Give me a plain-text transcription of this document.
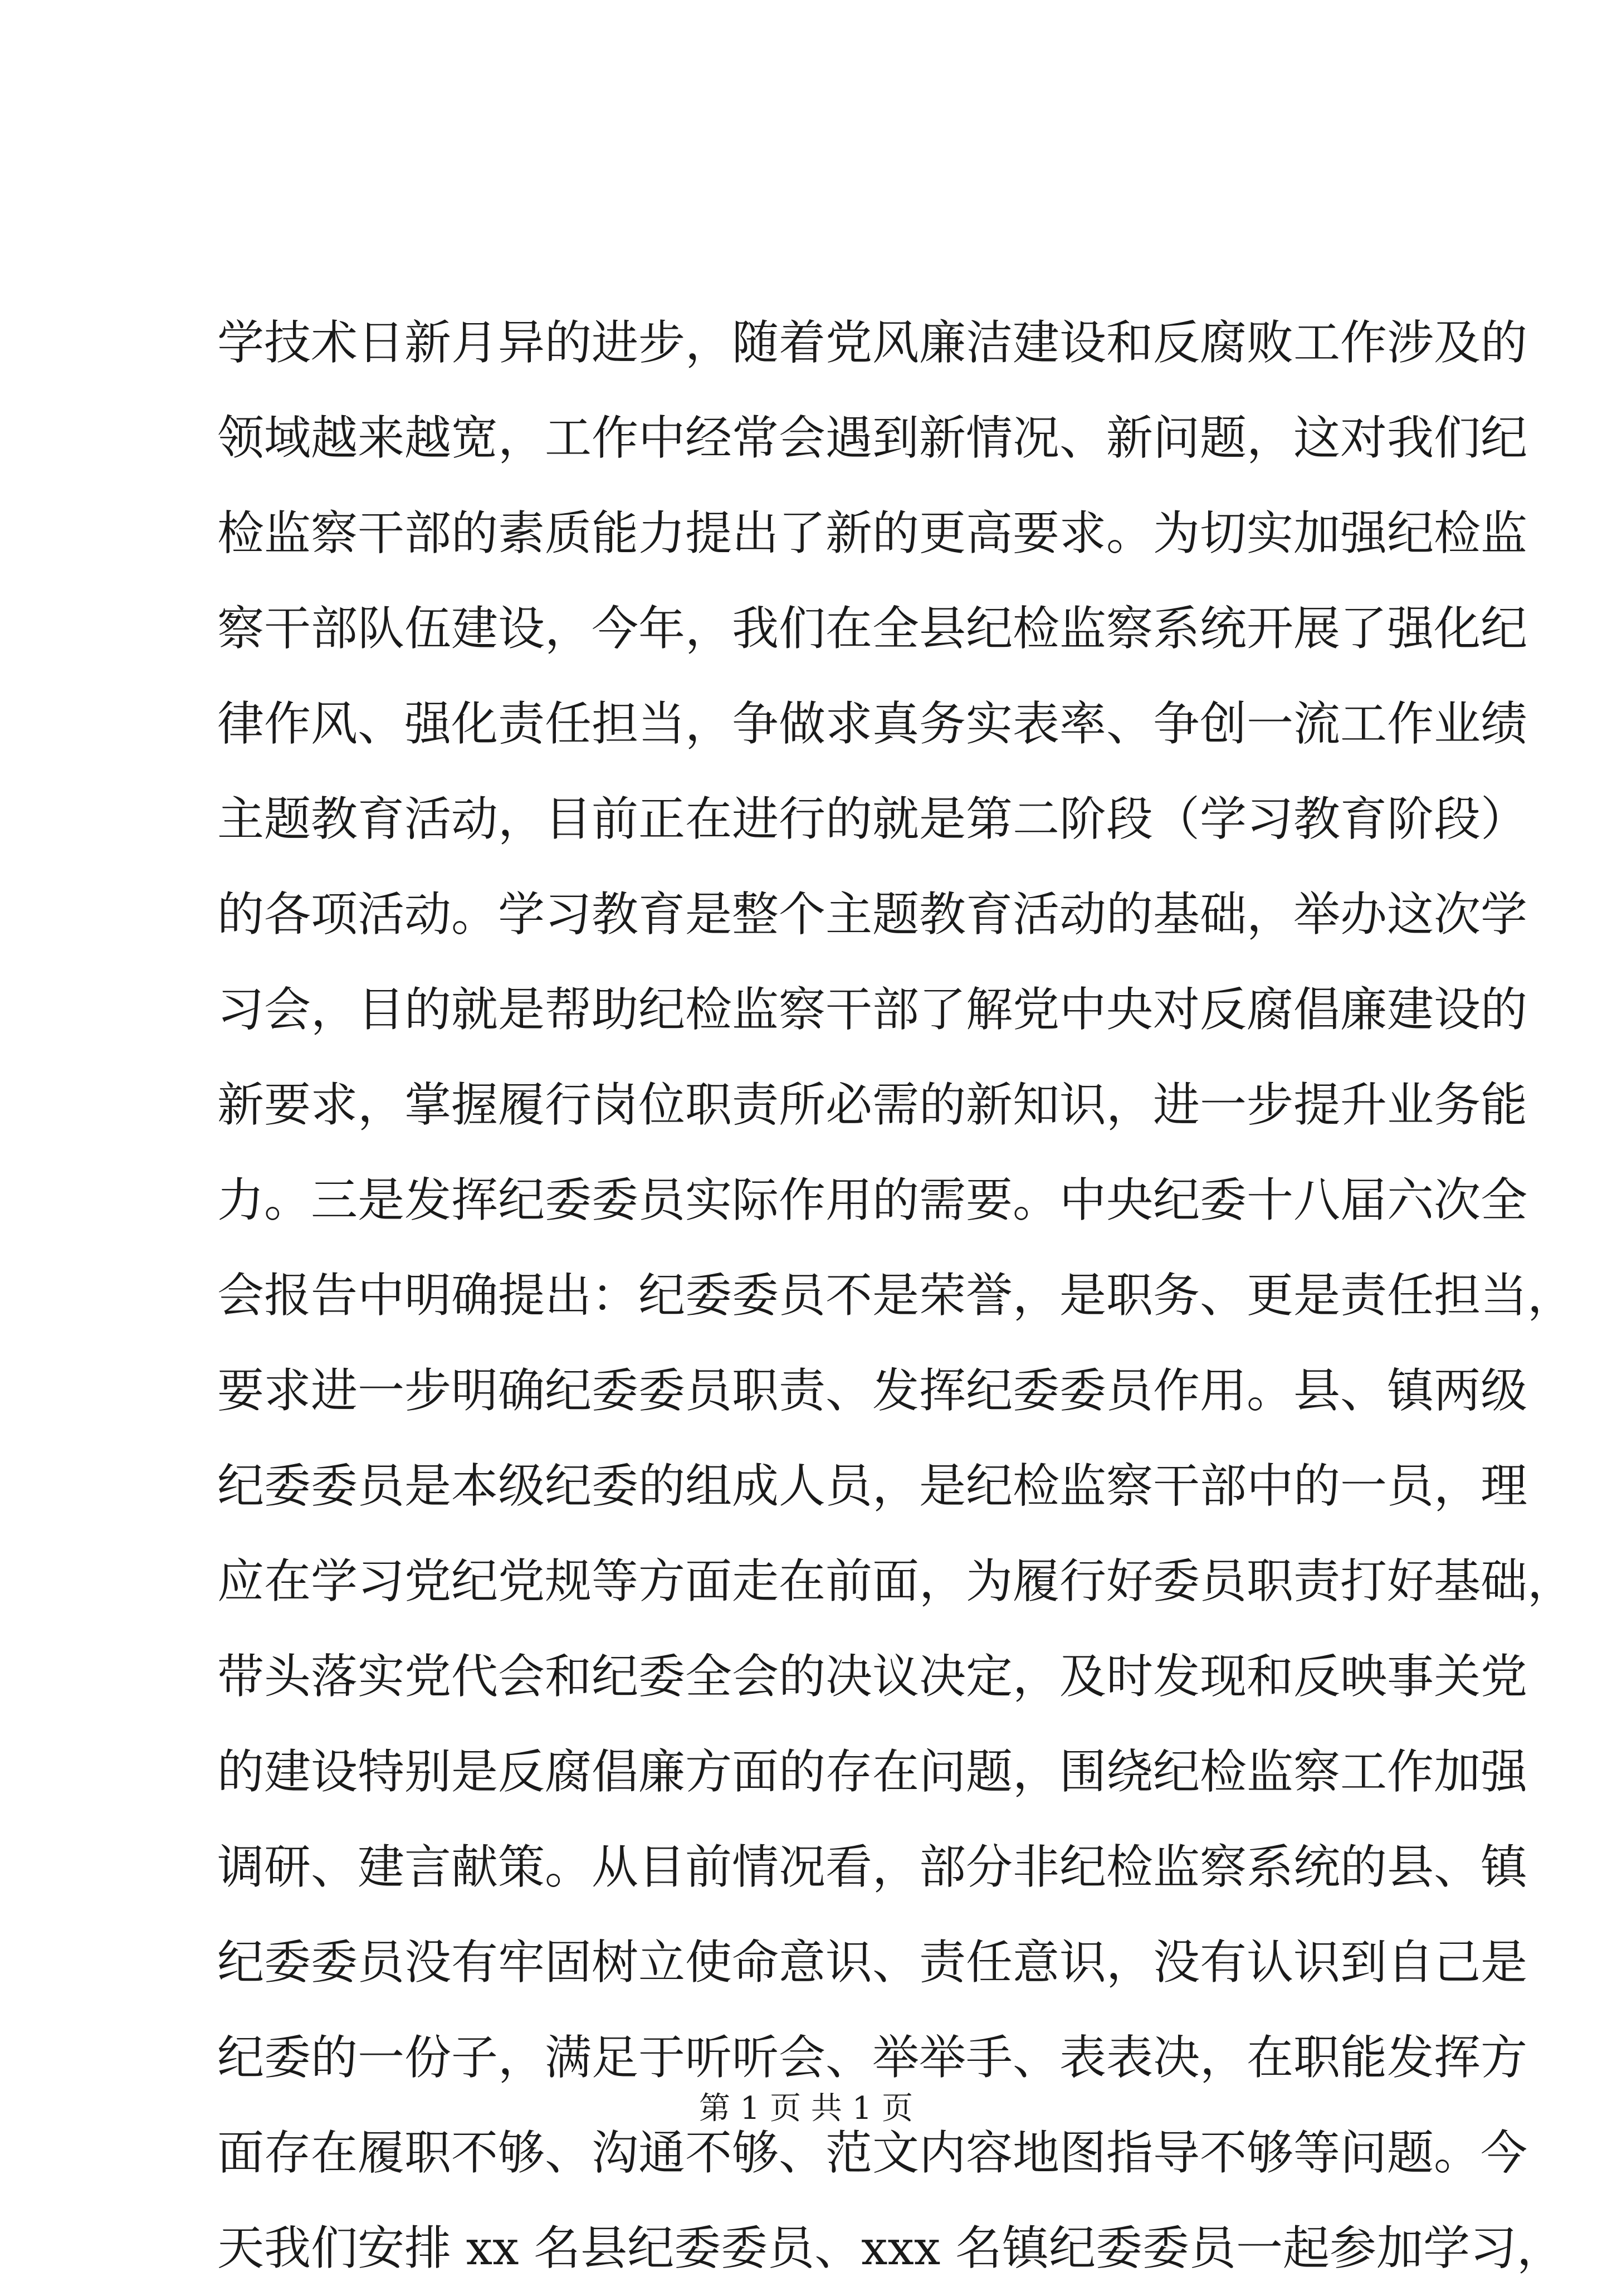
学技术日新月异的进步，随着党风廉洁建设和反腐败工作涉及的
领域越来越宽，工作中经常会遇到新情况、新问题，这对我们纪
检监察干部的素质能力提出了新的更高要求。为切实加强纪检监
察干部队伍建设，今年，我们在全县纪检监察系统开展了强化纪
律作风、强化责任担当，争做求真务实表率、争创一流工作业绩
主题教育活动，目前正在进行的就是第二阶段（学习教育阶段）
的各项活动。学习教育是整个主题教育活动的基础，举办这次学
习会，目的就是帮助纪检监察干部了解党中央对反腐倡廉建设的
新要求，掌握履行岗位职责所必需的新知识，进一步提升业务能
力。三是发挥纪委委员实际作用的需要。中央纪委十八届六次全
会报告中明确提出：纪委委员不是荣誉，是职务、更是责任担当，
要求进一步明确纪委委员职责、发挥纪委委员作用。县、镇两级
纪委委员是本级纪委的组成人员，是纪检监察干部中的一员，理
应在学习党纪党规等方面走在前面，为履行好委员职责打好基础，
带头落实党代会和纪委全会的决议决定，及时发现和反映事关党
的建设特别是反腐倡廉方面的存在问题，围绕纪检监察工作加强
调研、建言献策。从目前情况看，部分非纪检监察系统的县、镇
纪委委员没有牢固树立使命意识、责任意识，没有认识到自己是
纪委的一份子，满足于听听会、举举手、表表决，在职能发挥方
面存在履职不够、沟通不够、范文内容地图指导不够等问题。今
天我们安排 xx 名县纪委委员、xxx 名镇纪委委员一起参加学习，
第 1 页 共 1 页
